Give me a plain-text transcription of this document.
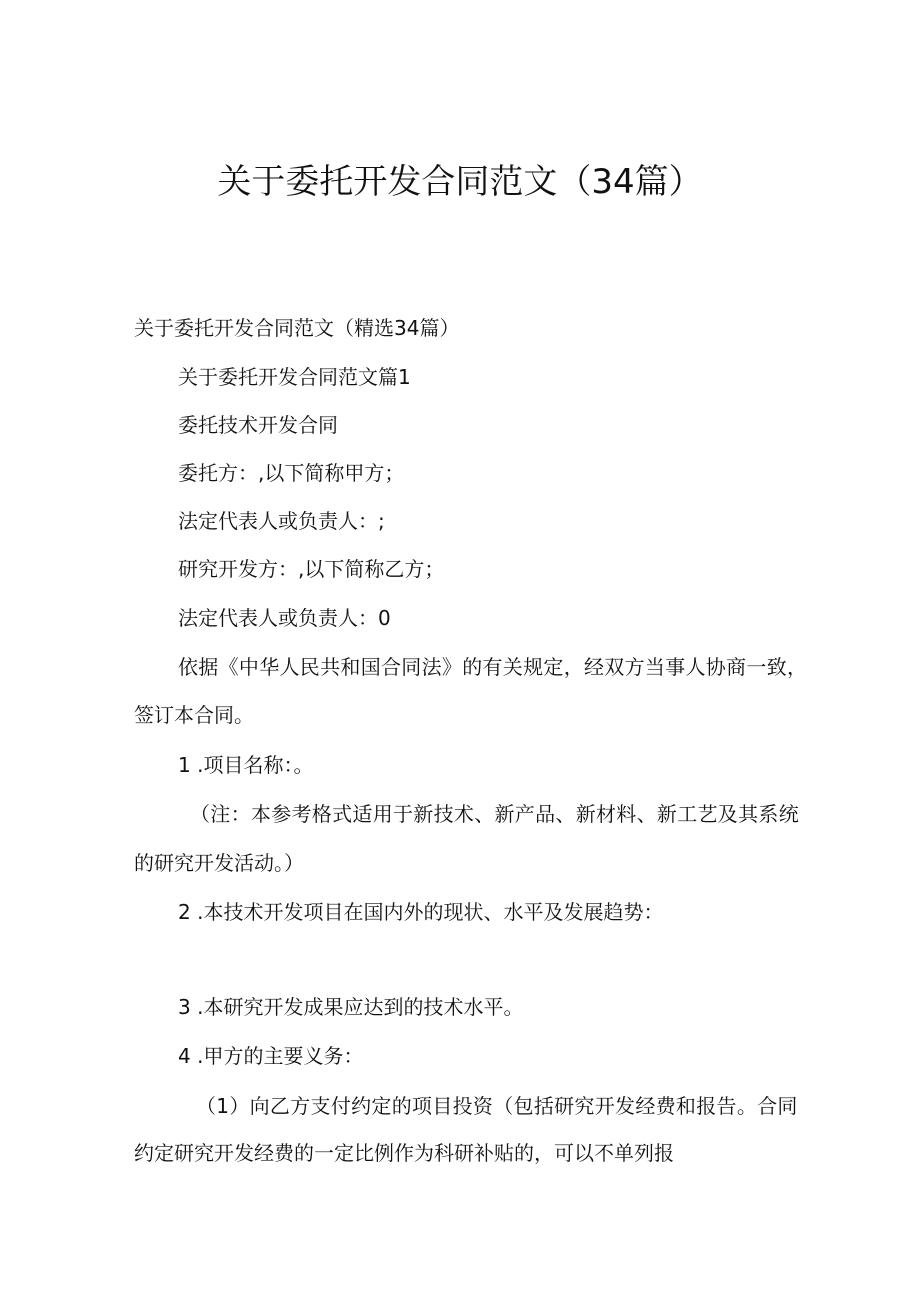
关于委托开发合同范文（34篇）

关于委托开发合同范文（精选34篇）

关于委托开发合同范文篇1

委托技术开发合同

委托方：,以下简称甲方；

法定代表人或负责人：;

研究开发方：,以下简称乙方；

法定代表人或负责人：0

依据《中华人民共和国合同法》的有关规定，经双方当事人协商一致，

签订本合同。

1 .项目名称：。

（注：本参考格式适用于新技术、新产品、新材料、新工艺及其系统

的研究开发活动。）

2 .本技术开发项目在国内外的现状、水平及发展趋势：

3 .本研究开发成果应达到的技术水平。

4 .甲方的主要义务：

（1）向乙方支付约定的项目投资（包括研究开发经费和报告。合同

约定研究开发经费的一定比例作为科研补贴的，可以不单列报
